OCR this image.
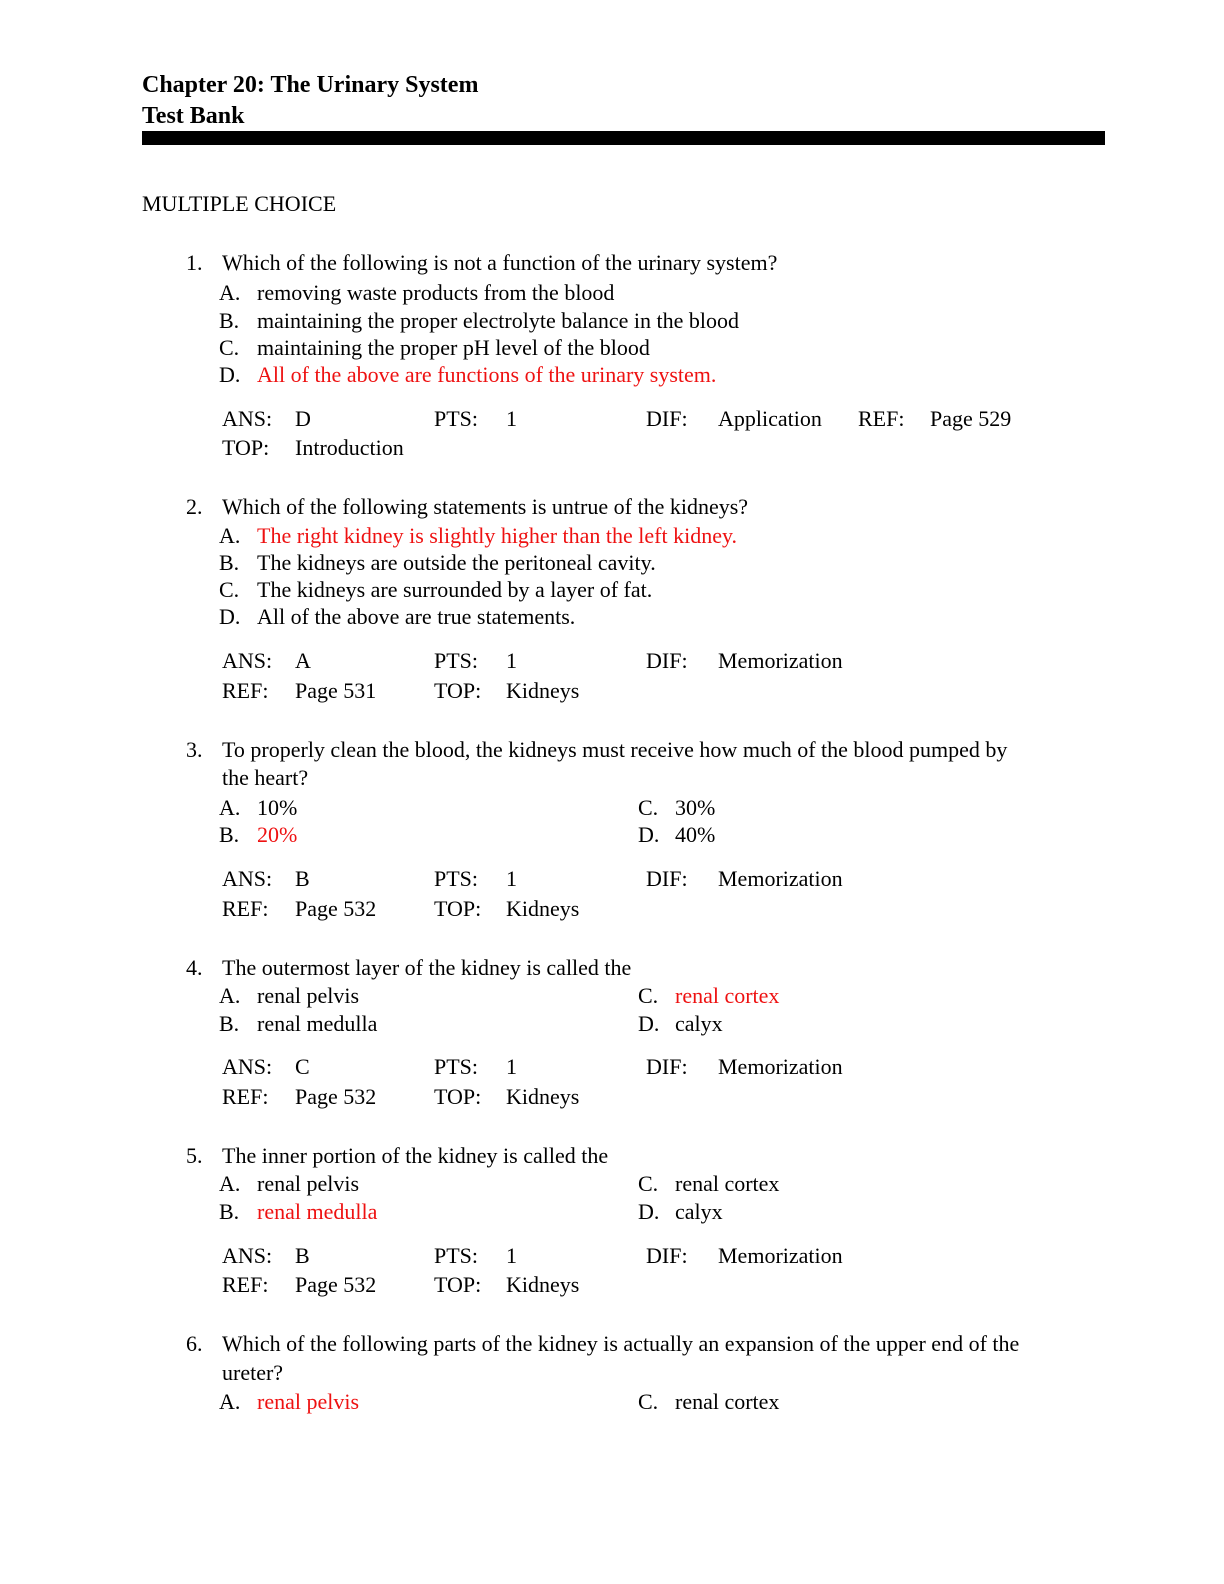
Chapter 20: The Urinary System
Test Bank
MULTIPLE CHOICE
1. Which of the following is not a function of the urinary system?
A. removing waste products from the blood
B. maintaining the proper electrolyte balance in the blood
C. maintaining the proper pH level of the blood
D. All of the above are functions of the urinary system.
ANS: D	PTS: 1	DIF: Application REF: Page 529
TOP: Introduction
2. Which of the following statements is untrue of the kidneys?
A. The right kidney is slightly higher than the left kidney.
B. The kidneys are outside the peritoneal cavity.
C. The kidneys are surrounded by a layer of fat.
D. All of the above are true statements.
ANS: A	PTS: 1	DIF: Memorization
REF: Page 531	TOP: Kidneys
3. To properly clean the blood, the kidneys must receive how much of the blood pumped by
the heart?
A. 10%
B. 20%
C. 30%
D. 40%
ANS: B	PTS: 1	DIF: Memorization
REF: Page 532	TOP: Kidneys
4. The outermost layer of the kidney is called the
A. renal pelvis
B. renal medulla
C. renal cortex
D. calyx
ANS: C	PTS: 1	DIF: Memorization
REF: Page 532	TOP: Kidneys
5. The inner portion of the kidney is called the
A. renal pelvis
B. renal medulla
C. renal cortex
D. calyx
ANS: B	PTS: 1	DIF: Memorization
REF: Page 532	TOP: Kidneys
6. Which of the following parts of the kidney is actually an expansion of the upper end of the
ureter?
A. renal pelvis	C. renal cortex
